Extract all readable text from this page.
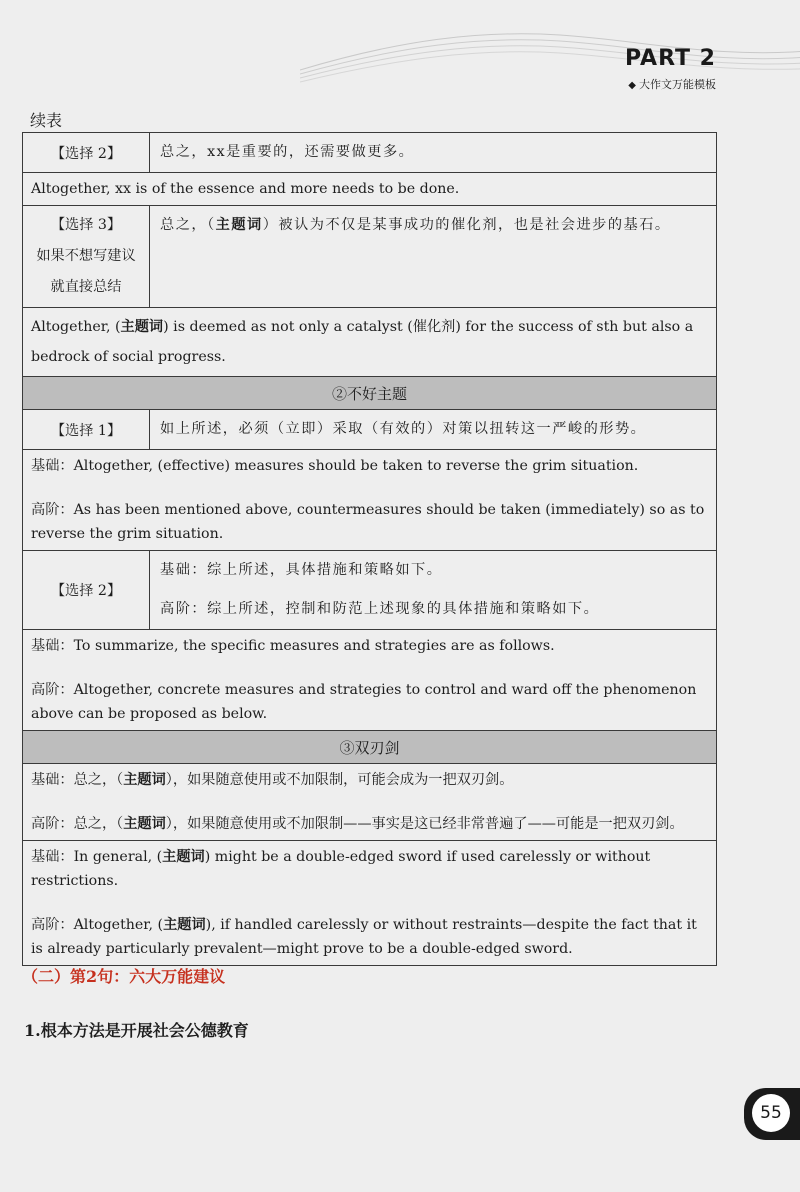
PART 2
◆ 大作文万能模板
续表
【选择 2】	总之，xx是重要的，还需要做更多。
Altogether, xx is of the essence and more needs to be done.
【选择 3】
如果不想写建议就直接总结
总之，（主题词）被认为不仅是某事成功的催化剂，也是社会进步的基石。
Altogether, (主题词) is deemed as not only a catalyst (催化剂) for the success of sth but also a bedrock of social progress.
②不好主题
【选择 1】	如上所述，必须（立即）采取（有效的）对策以扭转这一严峻的形势。
基础：Altogether, (effective) measures should be taken to reverse the grim situation.
高阶：As has been mentioned above, countermeasures should be taken (immediately) so as to reverse the grim situation.
【选择 2】
基础：综上所述，具体措施和策略如下。
高阶：综上所述，控制和防范上述现象的具体措施和策略如下。
基础：To summarize, the specific measures and strategies are as follows.
高阶：Altogether, concrete measures and strategies to control and ward off the phenomenon above can be proposed as below.
③双刃剑
基础：总之，（主题词），如果随意使用或不加限制，可能会成为一把双刃剑。
高阶：总之，（主题词），如果随意使用或不加限制——事实是这已经非常普遍了——可能是一把双刃剑。
基础：In general, (主题词) might be a double-edged sword if used carelessly or without restrictions.
高阶：Altogether, (主题词), if handled carelessly or without restraints—despite the fact that it is already particularly prevalent—might prove to be a double-edged sword.
（二）第2句：六大万能建议
1.根本方法是开展社会公德教育
55
